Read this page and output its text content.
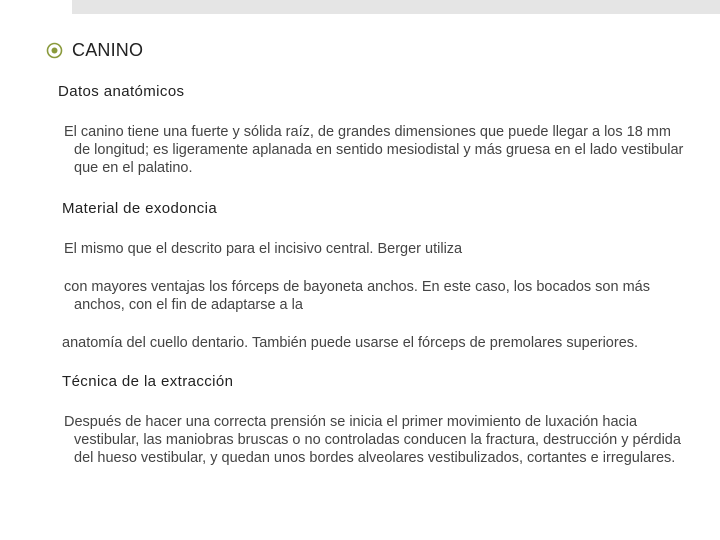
CANINO
Datos anatómicos

El canino tiene una fuerte y sólida raíz, de grandes dimensiones que puede llegar a los 18 mm de longitud; es ligeramente aplanada en sentido mesiodistal y más gruesa en el lado vestibular que en el palatino.

Material de exodoncia

El mismo que el descrito para el incisivo central. Berger utiliza

con mayores ventajas los fórceps de bayoneta anchos. En este caso, los bocados son más anchos, con el fin de adaptarse a la

anatomía del cuello dentario. También puede usarse el fórceps de premolares superiores.

Técnica de la extracción

Después de hacer una correcta prensión se inicia el primer movimiento de luxación hacia vestibular, las maniobras bruscas o no controladas conducen la fractura, destrucción y pérdida del hueso vestibular, y quedan unos bordes alveolares vestibulizados, cortantes e irregulares.
